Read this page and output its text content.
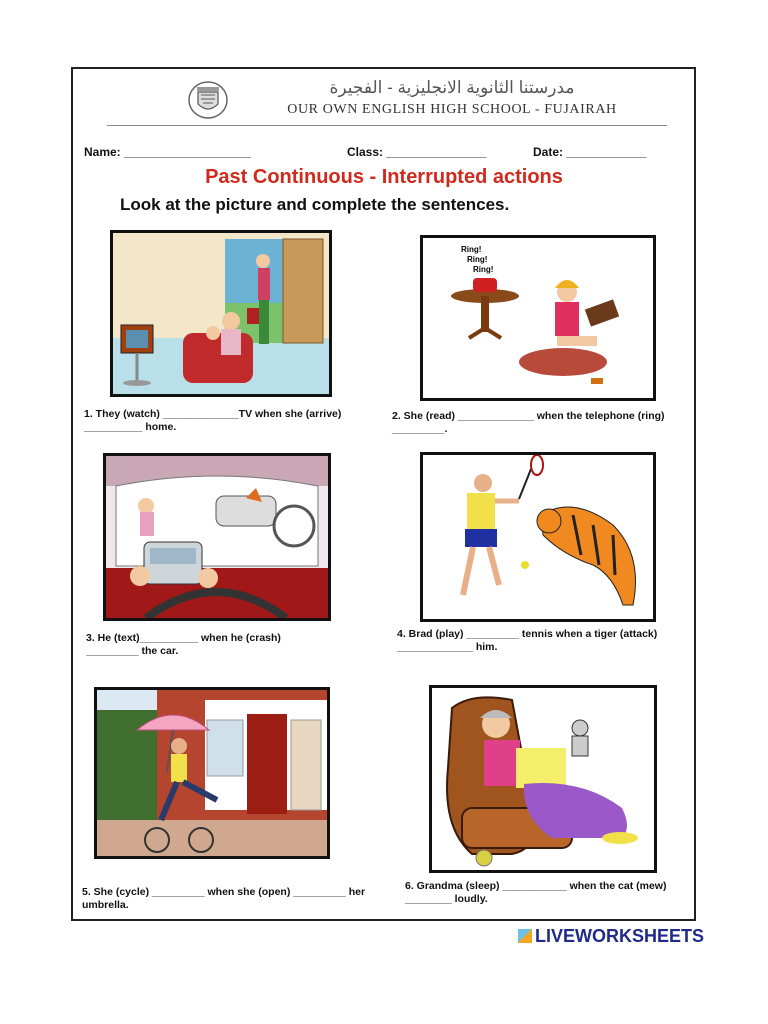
مدرستنا الثانوية الانجليزية - الفجيرة
OUR OWN ENGLISH HIGH SCHOOL - FUJAIRAH
Name: ___________________	Class: _______________	Date: ____________
Past Continuous - Interrupted actions
Look at the picture and complete the sentences.
Ring!
Ring!
Ring!
1. They (watch) _____________TV when she (arrive) __________ home.
2. She (read) _____________ when the telephone (ring) _________.
3. He (text)__________ when he (crash) _________ the car.
4. Brad (play) _________ tennis when a tiger (attack) _____________ him.
5. She (cycle) _________ when she (open) _________ her umbrella.
6. Grandma (sleep) ___________ when the cat (mew) ________ loudly.
LIVEWORKSHEETS
